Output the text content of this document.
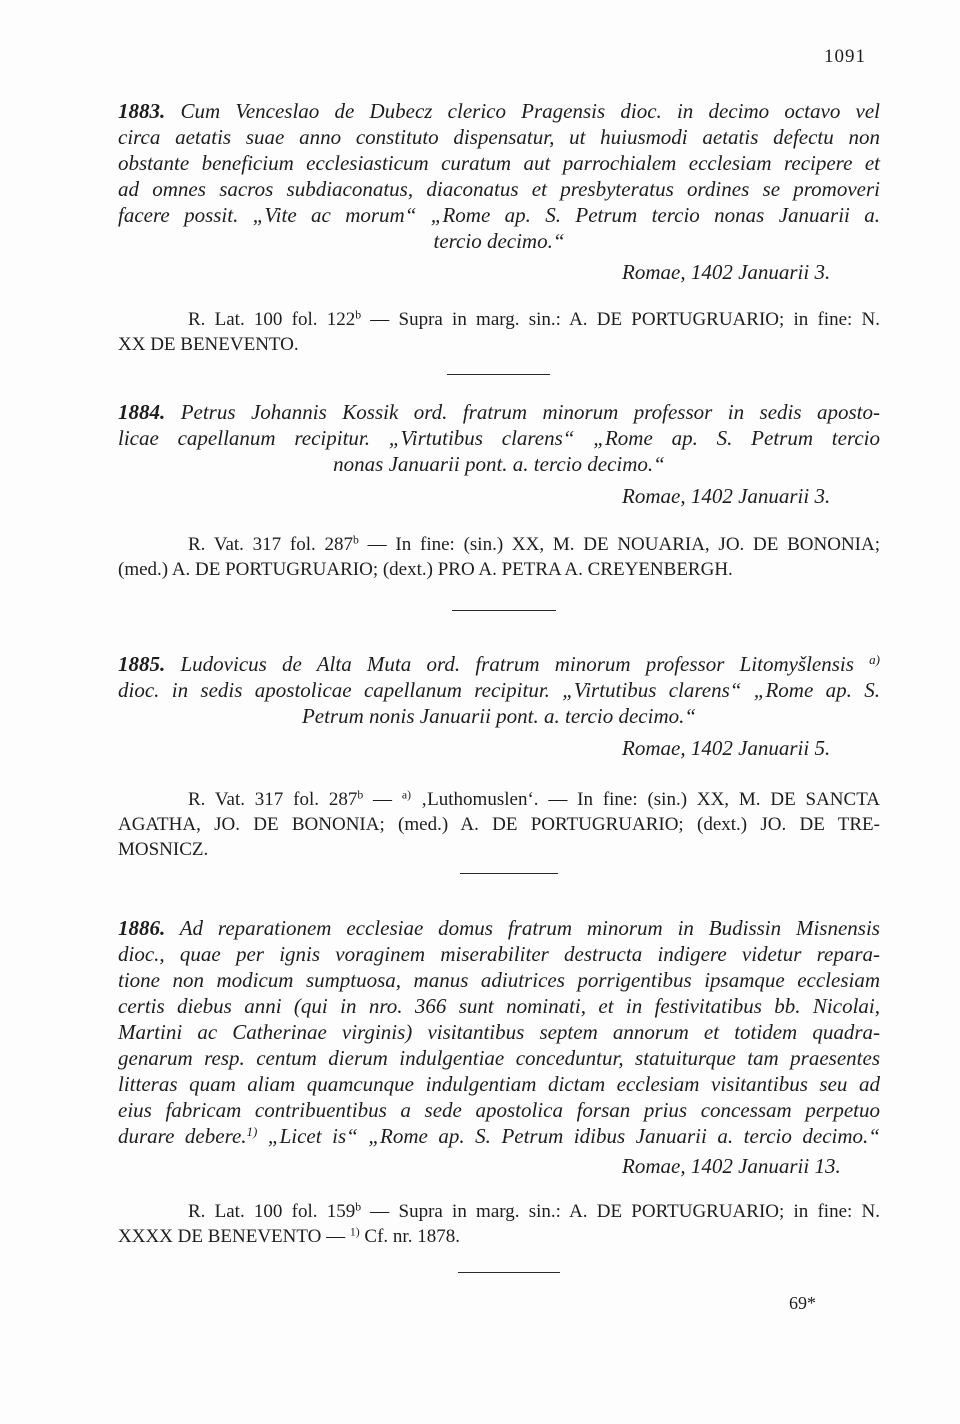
1091
1883. Cum Venceslao de Dubecz clerico Pragensis dioc. in decimo octavo vel
circa aetatis suae anno constituto dispensatur, ut huiusmodi aetatis defectu non
obstante beneficium ecclesiasticum curatum aut parrochialem ecclesiam recipere et
ad omnes sacros subdiaconatus, diaconatus et presbyteratus ordines se promoveri
facere possit. „Vite ac morum“ „Rome ap. S. Petrum tercio nonas Januarii a.
tercio decimo.“
Romae, 1402 Januarii 3.
R. Lat. 100 fol. 122$^b$ — Supra in marg. sin.: A. DE PORTUGRUARIO; in fine: N.
XX DE BENEVENTO.
1884. Petrus Johannis Kossik ord. fratrum minorum professor in sedis aposto-
licae capellanum recipitur. „Virtutibus clarens“ „Rome ap. S. Petrum tercio
nonas Januarii pont. a. tercio decimo.“
Romae, 1402 Januarii 3.
R. Vat. 317 fol. 287$^b$ — In fine: (sin.) XX, M. DE NOUARIA, JO. DE BONONIA;
(med.) A. DE PORTUGRUARIO; (dext.) PRO A. PETRA A. CREYENBERGH.
1885. Ludovicus de Alta Muta ord. fratrum minorum professor Litomyšlensis $^{a)}$
dioc. in sedis apostolicae capellanum recipitur. „Virtutibus clarens“ „Rome ap. S.
Petrum nonis Januarii pont. a. tercio decimo.“
Romae, 1402 Januarii 5.
R. Vat. 317 fol. 287$^b$ — $^{a)}$ ‚Luthomuslen‘. — In fine: (sin.) XX, M. DE SANCTA
AGATHA, JO. DE BONONIA; (med.) A. DE PORTUGRUARIO; (dext.) JO. DE TRE-
MOSNICZ.
1886. Ad reparationem ecclesiae domus fratrum minorum in Budissin Misnensis
dioc., quae per ignis voraginem miserabiliter destructa indigere videtur repara-
tione non modicum sumptuosa, manus adiutrices porrigentibus ipsamque ecclesiam
certis diebus anni (qui in nro. 366 sunt nominati, et in festivitatibus bb. Nicolai,
Martini ac Catherinae virginis) visitantibus septem annorum et totidem quadra-
genarum resp. centum dierum indulgentiae conceduntur, statuiturque tam praesentes
litteras quam aliam quamcunque indulgentiam dictam ecclesiam visitantibus seu ad
eius fabricam contribuentibus a sede apostolica forsan prius concessam perpetuo
durare debere.$^{1)}$ „Licet is“ „Rome ap. S. Petrum idibus Januarii a. tercio decimo.“
Romae, 1402 Januarii 13.
R. Lat. 100 fol. 159$^b$ — Supra in marg. sin.: A. DE PORTUGRUARIO; in fine: N.
XXXX DE BENEVENTO — $^{1)}$ Cf. nr. 1878.
69*
